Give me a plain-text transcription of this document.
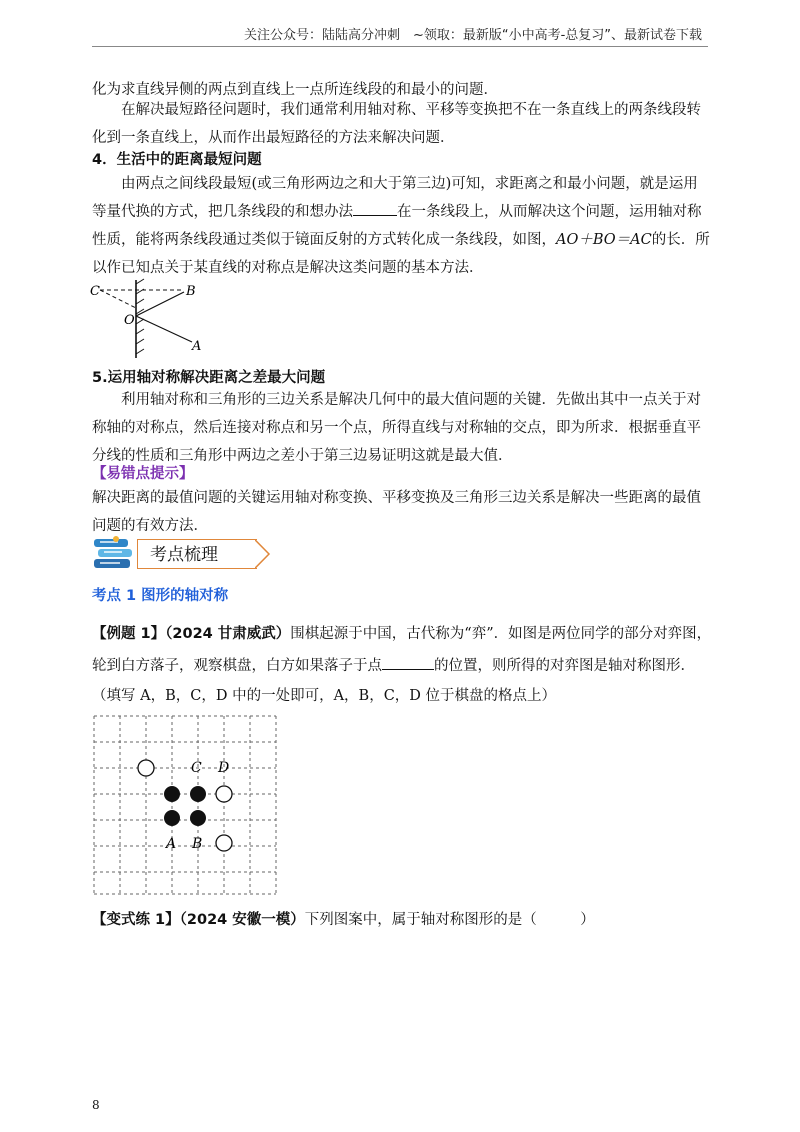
关注公众号：陆陆高分冲刺　~领取：最新版“小中高考-总复习”、最新试卷下载

化为求直线异侧的两点到直线上一点所连线段的和最小的问题．

在解决最短路径问题时，我们通常利用轴对称、平移等变换把不在一条直线上的两条线段转化到一条直线上，从而作出最短路径的方法来解决问题．

4．生活中的距离最短问题

由两点之间线段最短(或三角形两边之和大于第三边)可知，求距离之和最小问题，就是运用等量代换的方式，把几条线段的和想办法	在一条线段上，从而解决这个问题，运用轴对称性质，能将两条线段通过类似于镜面反射的方式转化成一条线段，如图，AO＋BO＝AC的长．所以作已知点关于某直线的对称点是解决这类问题的基本方法．

C	B
O
A

5.运用轴对称解决距离之差最大问题

利用轴对称和三角形的三边关系是解决几何中的最大值问题的关键．先做出其中一点关于对称轴的对称点，然后连接对称点和另一个点，所得直线与对称轴的交点，即为所求．根据垂直平分线的性质和三角形中两边之差小于第三边易证明这就是最大值．

【易错点提示】

解决距离的最值问题的关键运用轴对称变换、平移变换及三角形三边关系是解决一些距离的最值问题的有效方法．

考点梳理

考点 1 图形的轴对称

【例题 1】（2024 甘肃威武）围棋起源于中国，古代称为“弈”．如图是两位同学的部分对弈图，轮到白方落子，观察棋盘，白方如果落子于点	的位置，则所得的对弈图是轴对称图形．

（填写 A，B，C，D 中的一处即可，A，B，C，D 位于棋盘的格点上）

C D
A B

【变式练 1】（2024 安徽一模）下列图案中，属于轴对称图形的是（　　　）

8
